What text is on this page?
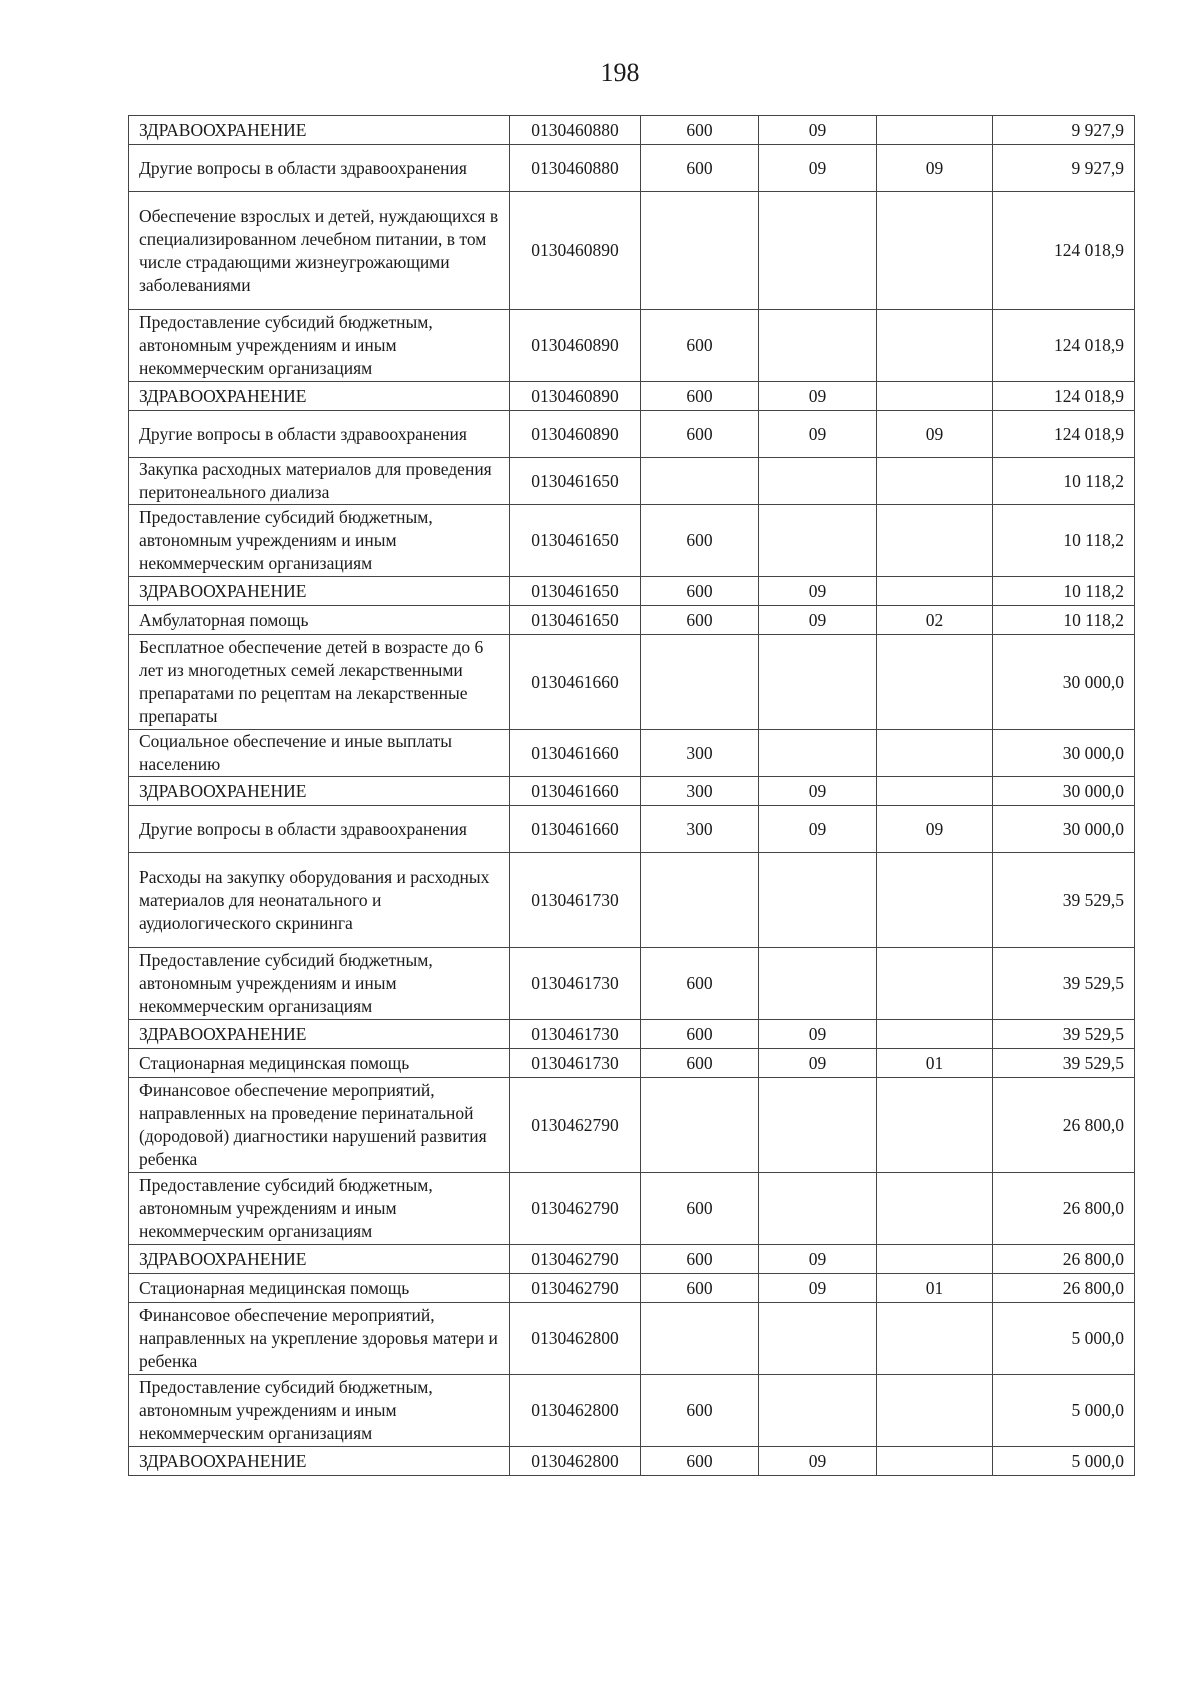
198
ЗДРАВООХРАНЕНИЕ	0130460880	600	09		9 927,9
Другие вопросы в области здравоохранения	0130460880	600	09	09	9 927,9
Обеспечение взрослых и детей, нуждающихся в специализированном лечебном питании, в том числе страдающими жизнеугрожающими заболеваниями	0130460890				124 018,9
Предоставление субсидий бюджетным, автономным учреждениям и иным некоммерческим организациям	0130460890	600			124 018,9
ЗДРАВООХРАНЕНИЕ	0130460890	600	09		124 018,9
Другие вопросы в области здравоохранения	0130460890	600	09	09	124 018,9
Закупка расходных материалов для проведения перитонеального диализа	0130461650				10 118,2
Предоставление субсидий бюджетным, автономным учреждениям и иным некоммерческим организациям	0130461650	600			10 118,2
ЗДРАВООХРАНЕНИЕ	0130461650	600	09		10 118,2
Амбулаторная помощь	0130461650	600	09	02	10 118,2
Бесплатное обеспечение детей в возрасте до 6 лет из многодетных семей лекарственными препаратами по рецептам на лекарственные препараты	0130461660				30 000,0
Социальное обеспечение и иные выплаты населению	0130461660	300			30 000,0
ЗДРАВООХРАНЕНИЕ	0130461660	300	09		30 000,0
Другие вопросы в области здравоохранения	0130461660	300	09	09	30 000,0
Расходы на закупку оборудования и расходных материалов для неонатального и аудиологического скрининга	0130461730				39 529,5
Предоставление субсидий бюджетным, автономным учреждениям и иным некоммерческим организациям	0130461730	600			39 529,5
ЗДРАВООХРАНЕНИЕ	0130461730	600	09		39 529,5
Стационарная медицинская помощь	0130461730	600	09	01	39 529,5
Финансовое обеспечение мероприятий, направленных на проведение перинатальной (дородовой) диагностики нарушений развития ребенка	0130462790				26 800,0
Предоставление субсидий бюджетным, автономным учреждениям и иным некоммерческим организациям	0130462790	600			26 800,0
ЗДРАВООХРАНЕНИЕ	0130462790	600	09		26 800,0
Стационарная медицинская помощь	0130462790	600	09	01	26 800,0
Финансовое обеспечение мероприятий, направленных на укрепление здоровья матери и ребенка	0130462800				5 000,0
Предоставление субсидий бюджетным, автономным учреждениям и иным некоммерческим организациям	0130462800	600			5 000,0
ЗДРАВООХРАНЕНИЕ	0130462800	600	09		5 000,0
